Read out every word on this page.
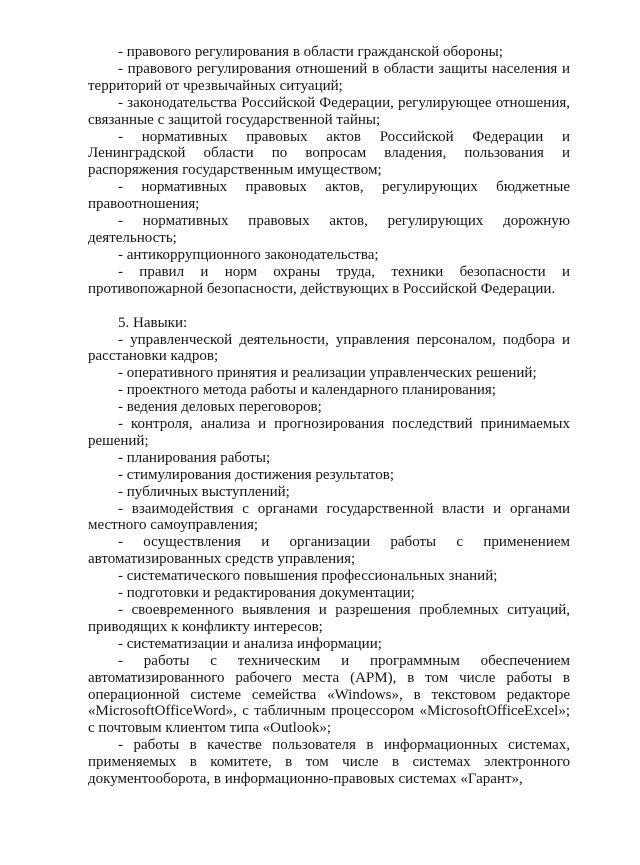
- правового регулирования в области гражданской обороны;

- правового регулирования отношений в области защиты населения и территорий от чрезвычайных ситуаций;

- законодательства Российской Федерации, регулирующее отношения, связанные с защитой государственной тайны;

- нормативных правовых актов Российской Федерации и Ленинградской области по вопросам владения, пользования и распоряжения государственным имуществом;

- нормативных правовых актов, регулирующих бюджетные правоотношения;

- нормативных правовых актов, регулирующих дорожную деятельность;

- антикоррупционного законодательства;

- правил и норм охраны труда, техники безопасности и противопожарной безопасности, действующих в Российской Федерации.

5. Навыки:

- управленческой деятельности, управления персоналом, подбора и расстановки кадров;

- оперативного принятия и реализации управленческих решений;

- проектного метода работы и календарного планирования;

- ведения деловых переговоров;

- контроля, анализа и прогнозирования последствий принимаемых решений;

- планирования работы;

- стимулирования достижения результатов;

- публичных выступлений;

- взаимодействия с органами государственной власти и органами местного самоуправления;

- осуществления и организации работы с применением автоматизированных средств управления;

- систематического повышения профессиональных знаний;

- подготовки и редактирования документации;

- своевременного выявления и разрешения проблемных ситуаций, приводящих к конфликту интересов;

- систематизации и анализа информации;

- работы с техническим и программным обеспечением автоматизированного рабочего места (АРМ), в том числе работы в операционной системе семейства «Windows», в текстовом редакторе «MicrosoftOfficeWord», с табличным процессором «MicrosoftOfficeExcel»; с почтовым клиентом типа «Outlook»;

- работы в качестве пользователя в информационных системах, применяемых в комитете, в том числе в системах электронного документооборота, в информационно-правовых системах «Гарант»,
